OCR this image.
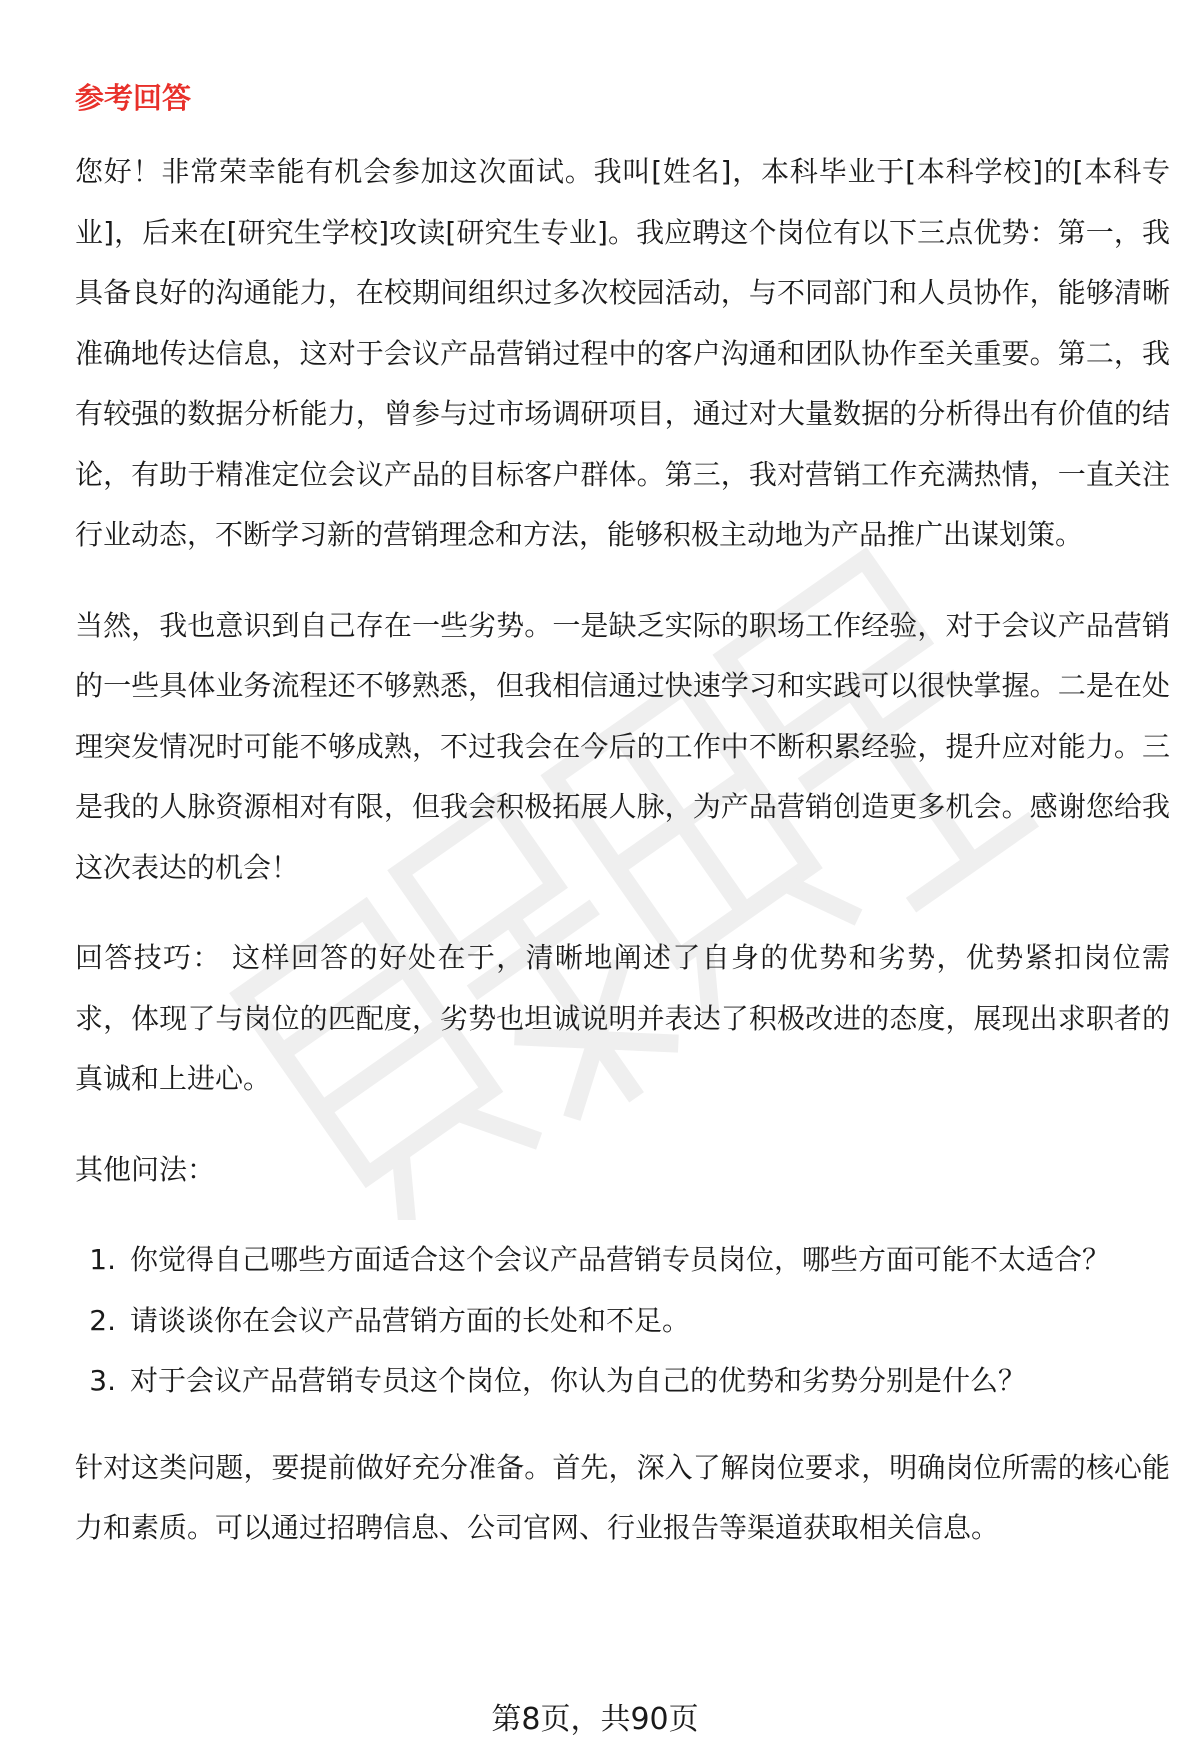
参考回答

您好！非常荣幸能有机会参加这次面试。我叫[姓名]，本科毕业于[本科学校]的[本科专业]，后来在[研究生学校]攻读[研究生专业]。我应聘这个岗位有以下三点优势：第一，我具备良好的沟通能力，在校期间组织过多次校园活动，与不同部门和人员协作，能够清晰准确地传达信息，这对于会议产品营销过程中的客户沟通和团队协作至关重要。第二，我有较强的数据分析能力，曾参与过市场调研项目，通过对大量数据的分析得出有价值的结论，有助于精准定位会议产品的目标客户群体。第三，我对营销工作充满热情，一直关注行业动态，不断学习新的营销理念和方法，能够积极主动地为产品推广出谋划策。

当然，我也意识到自己存在一些劣势。一是缺乏实际的职场工作经验，对于会议产品营销的一些具体业务流程还不够熟悉，但我相信通过快速学习和实践可以很快掌握。二是在处理突发情况时可能不够成熟，不过我会在今后的工作中不断积累经验，提升应对能力。三是我的人脉资源相对有限，但我会积极拓展人脉，为产品营销创造更多机会。感谢您给我这次表达的机会！

回答技巧： 这样回答的好处在于，清晰地阐述了自身的优势和劣势，优势紧扣岗位需求，体现了与岗位的匹配度，劣势也坦诚说明并表达了积极改进的态度，展现出求职者的真诚和上进心。

其他问法：

1. 你觉得自己哪些方面适合这个会议产品营销专员岗位，哪些方面可能不太适合？
2. 请谈谈你在会议产品营销方面的长处和不足。
3. 对于会议产品营销专员这个岗位，你认为自己的优势和劣势分别是什么？

针对这类问题，要提前做好充分准备。首先，深入了解岗位要求，明确岗位所需的核心能力和素质。可以通过招聘信息、公司官网、行业报告等渠道获取相关信息。

第8页，共90页
